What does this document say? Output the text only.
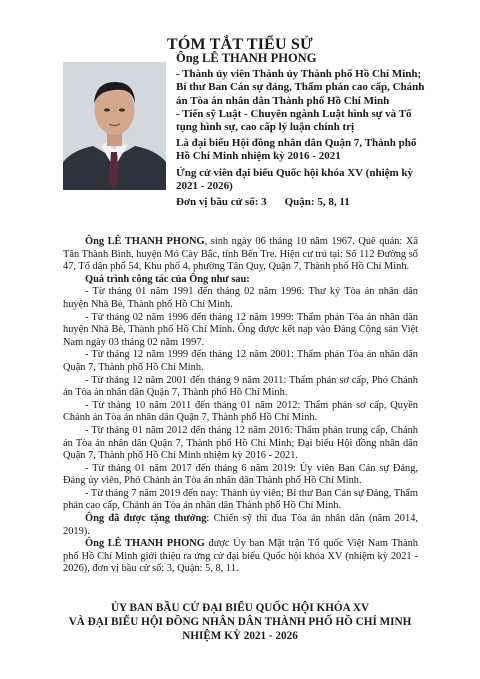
TÓM TẮT TIỂU SỬ
Ông LÊ THANH PHONG
- Thành ủy viên Thành ủy Thành phố Hồ Chí Minh; Bí thư Ban Cán sự đảng, Thẩm phán cao cấp, Chánh án Tòa án nhân dân Thành phố Hồ Chí Minh
- Tiến sỹ Luật - Chuyên ngành Luật hình sự và Tố tụng hình sự, cao cấp lý luận chính trị
Là đại biểu Hội đồng nhân dân Quận 7, Thành phố Hồ Chí Minh nhiệm kỳ 2016 - 2021
Ứng cử viên đại biểu Quốc hội khóa XV (nhiệm kỳ 2021 - 2026)
Đơn vị bầu cử số: 3 Quận: 5, 8, 11

Ông LÊ THANH PHONG, sinh ngày 06 tháng 10 năm 1967. Quê quán: Xã Tân Thành Bình, huyện Mỏ Cày Bắc, tỉnh Bến Tre. Hiện cư trú tại: Số 112 Đường số 47, Tổ dân phố 54, Khu phố 4, phường Tân Quy, Quận 7, Thành phố Hồ Chí Minh.

Quá trình công tác của Ông như sau:

- Từ tháng 01 năm 1991 đến tháng 02 năm 1996: Thư ký Tòa án nhân dân huyện Nhà Bè, Thành phố Hồ Chí Minh.

- Từ tháng 02 năm 1996 đến tháng 12 năm 1999: Thẩm phán Tòa án nhân dân huyện Nhà Bè, Thành phố Hồ Chí Minh. Ông được kết nạp vào Đảng Cộng sản Việt Nam ngày 03 tháng 02 năm 1997.

- Từ tháng 12 năm 1999 đến tháng 12 năm 2001: Thẩm phán Tòa án nhân dân Quận 7, Thành phố Hồ Chí Minh.

- Từ tháng 12 năm 2001 đến tháng 9 năm 2011: Thẩm phán sơ cấp, Phó Chánh án Tòa án nhân dân Quận 7, Thành phố Hồ Chí Minh.

- Từ tháng 10 năm 2011 đến tháng 01 năm 2012: Thẩm phán sơ cấp, Quyền Chánh án Tòa án nhân dân Quận 7, Thành phố Hồ Chí Minh.

- Từ tháng 01 năm 2012 đến tháng 12 năm 2016: Thẩm phán trung cấp, Chánh án Tòa án nhân dân Quận 7, Thành phố Hồ Chí Minh; Đại biểu Hội đồng nhân dân Quận 7, Thành phố Hồ Chí Minh nhiệm kỳ 2016 - 2021.

- Từ tháng 01 năm 2017 đến tháng 6 năm 2019: Ủy viên Ban Cán sự Đảng, Đảng ủy viên, Phó Chánh án Tòa án nhân dân Thành phố Hồ Chí Minh.

- Từ tháng 7 năm 2019 đến nay: Thành ủy viên; Bí thư Ban Cán sự Đảng, Thẩm phán cao cấp, Chánh án Tòa án nhân dân Thành phố Hồ Chí Minh.

Ông đã được tặng thưởng: Chiến sỹ thi đua Tòa án nhân dân (năm 2014, 2019).

Ông LÊ THANH PHONG được Ủy ban Mặt trận Tổ quốc Việt Nam Thành phố Hồ Chí Minh giới thiệu ra ứng cử đại biểu Quốc hội khóa XV (nhiệm kỳ 2021 - 2026), đơn vị bầu cử số: 3, Quận: 5, 8, 11.

ỦY BAN BẦU CỬ ĐẠI BIỂU QUỐC HỘI KHÓA XV
VÀ ĐẠI BIỂU HỘI ĐỒNG NHÂN DÂN THÀNH PHỐ HỒ CHÍ MINH
NHIỆM KỲ 2021 - 2026
